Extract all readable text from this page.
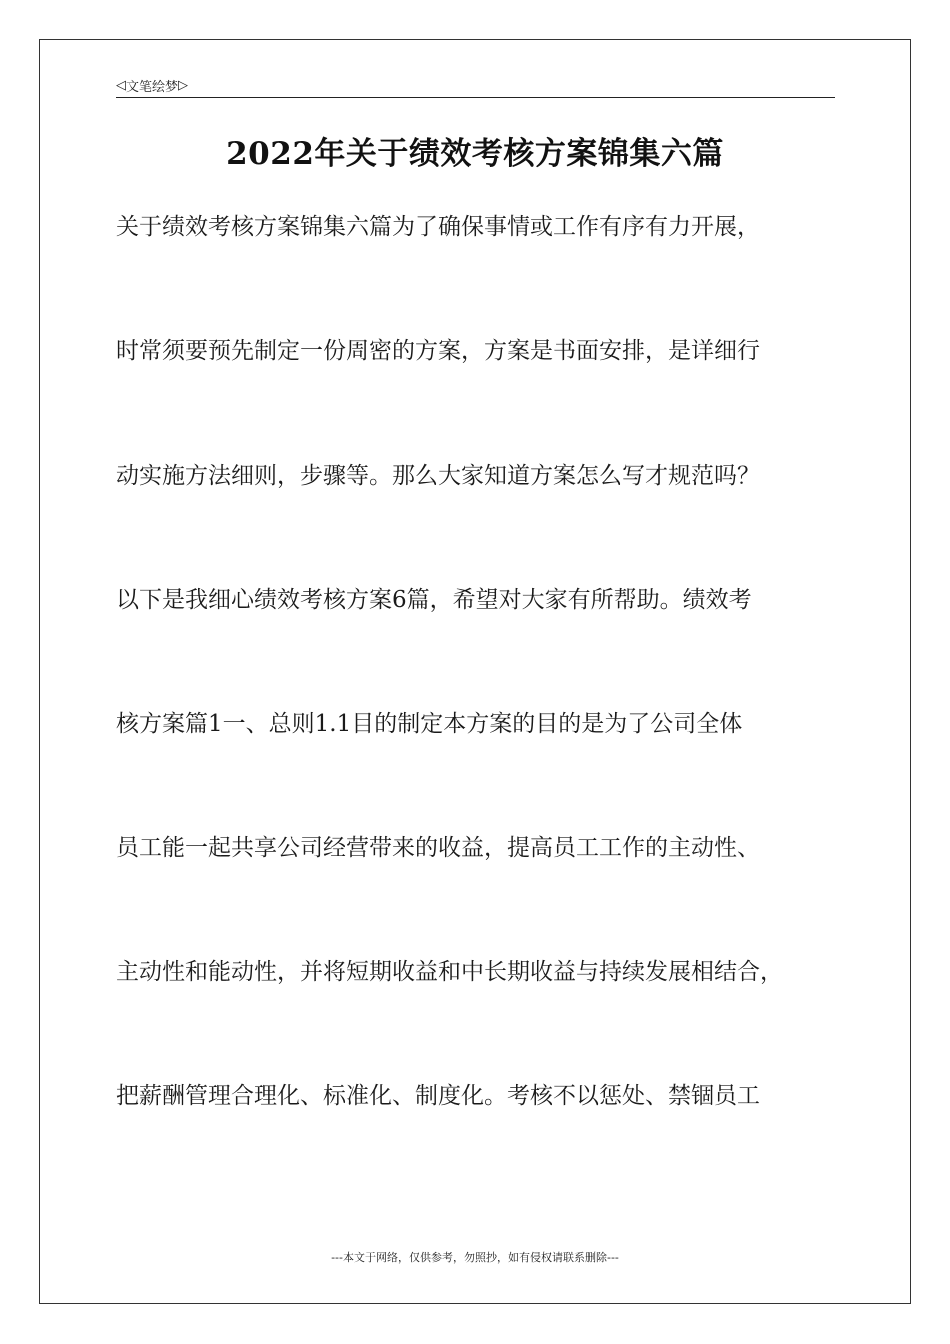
◁ 文笔绘梦 ▷
2022年关于绩效考核方案锦集六篇
关于绩效考核方案锦集六篇为了确保事情或工作有序有力开展，
时常须要预先制定一份周密的方案，方案是书面安排，是详细行
动实施方法细则，步骤等。那么大家知道方案怎么写才规范吗？
以下是我细心绩效考核方案6篇，希望对大家有所帮助。绩效考
核方案篇1一、总则1.1目的制定本方案的目的是为了公司全体
员工能一起共享公司经营带来的收益，提高员工工作的主动性、
主动性和能动性，并将短期收益和中长期收益与持续发展相结合，
把薪酬管理合理化、标准化、制度化。考核不以惩处、禁锢员工
---本文于网络，仅供参考，勿照抄，如有侵权请联系删除---
